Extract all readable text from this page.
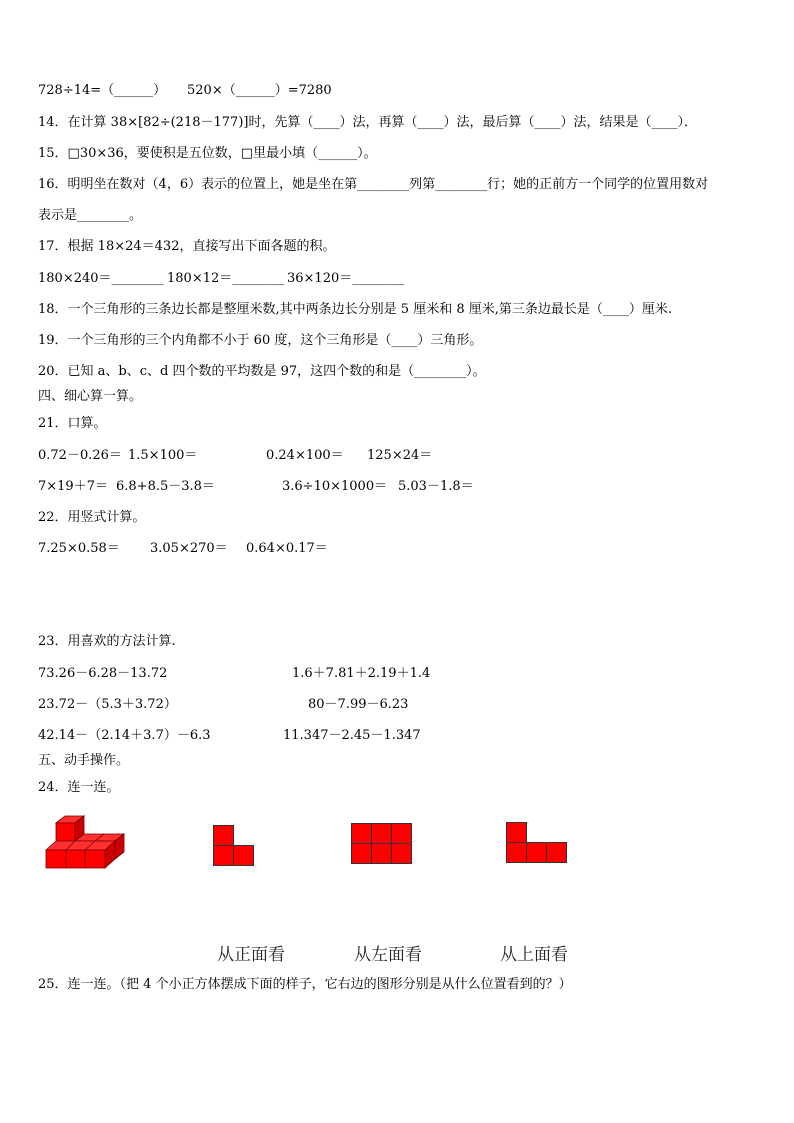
728÷14=（______） 520×（______）=7280
14．在计算 38×[82÷(218－177)]时，先算（____）法，再算（____）法，最后算（____）法，结果是（____）．
15．□30×36，要使积是五位数，□里最小填（______）。
16．明明坐在数对（4，6）表示的位置上，她是坐在第________列第________行；她的正前方一个同学的位置用数对
表示是________。
17．根据 18×24＝432，直接写出下面各题的积。
180×240＝________ 180×12＝________ 36×120＝________
18．一个三角形的三条边长都是整厘米数,其中两条边长分别是 5 厘米和 8 厘米,第三条边最长是（____）厘米.
19．一个三角形的三个内角都不小于 60 度，这个三角形是（____）三角形。
20．已知 a、b、c、d 四个数的平均数是 97，这四个数的和是（________）。
四、细心算一算。
21．口算。
0.72－0.26＝ 1.5×100＝	0.24×100＝ 125×24＝
7×19＋7＝ 6.8+8.5－3.8＝	3.6÷10×1000＝ 5.03－1.8＝
22．用竖式计算。
7.25×0.58＝ 3.05×270＝ 0.64×0.17＝
23．用喜欢的方法计算.
73.26－6.28－13.72	1.6＋7.81＋2.19＋1.4
23.72－（5.3＋3.72）	80－7.99－6.23
42.14－（2.14＋3.7）－6.3	11.347－2.45－1.347
五、动手操作。
24．连一连。
从正面看	从左面看	从上面看
25．连一连。（把 4 个小正方体摆成下面的样子，它右边的图形分别是从什么位置看到的？）
